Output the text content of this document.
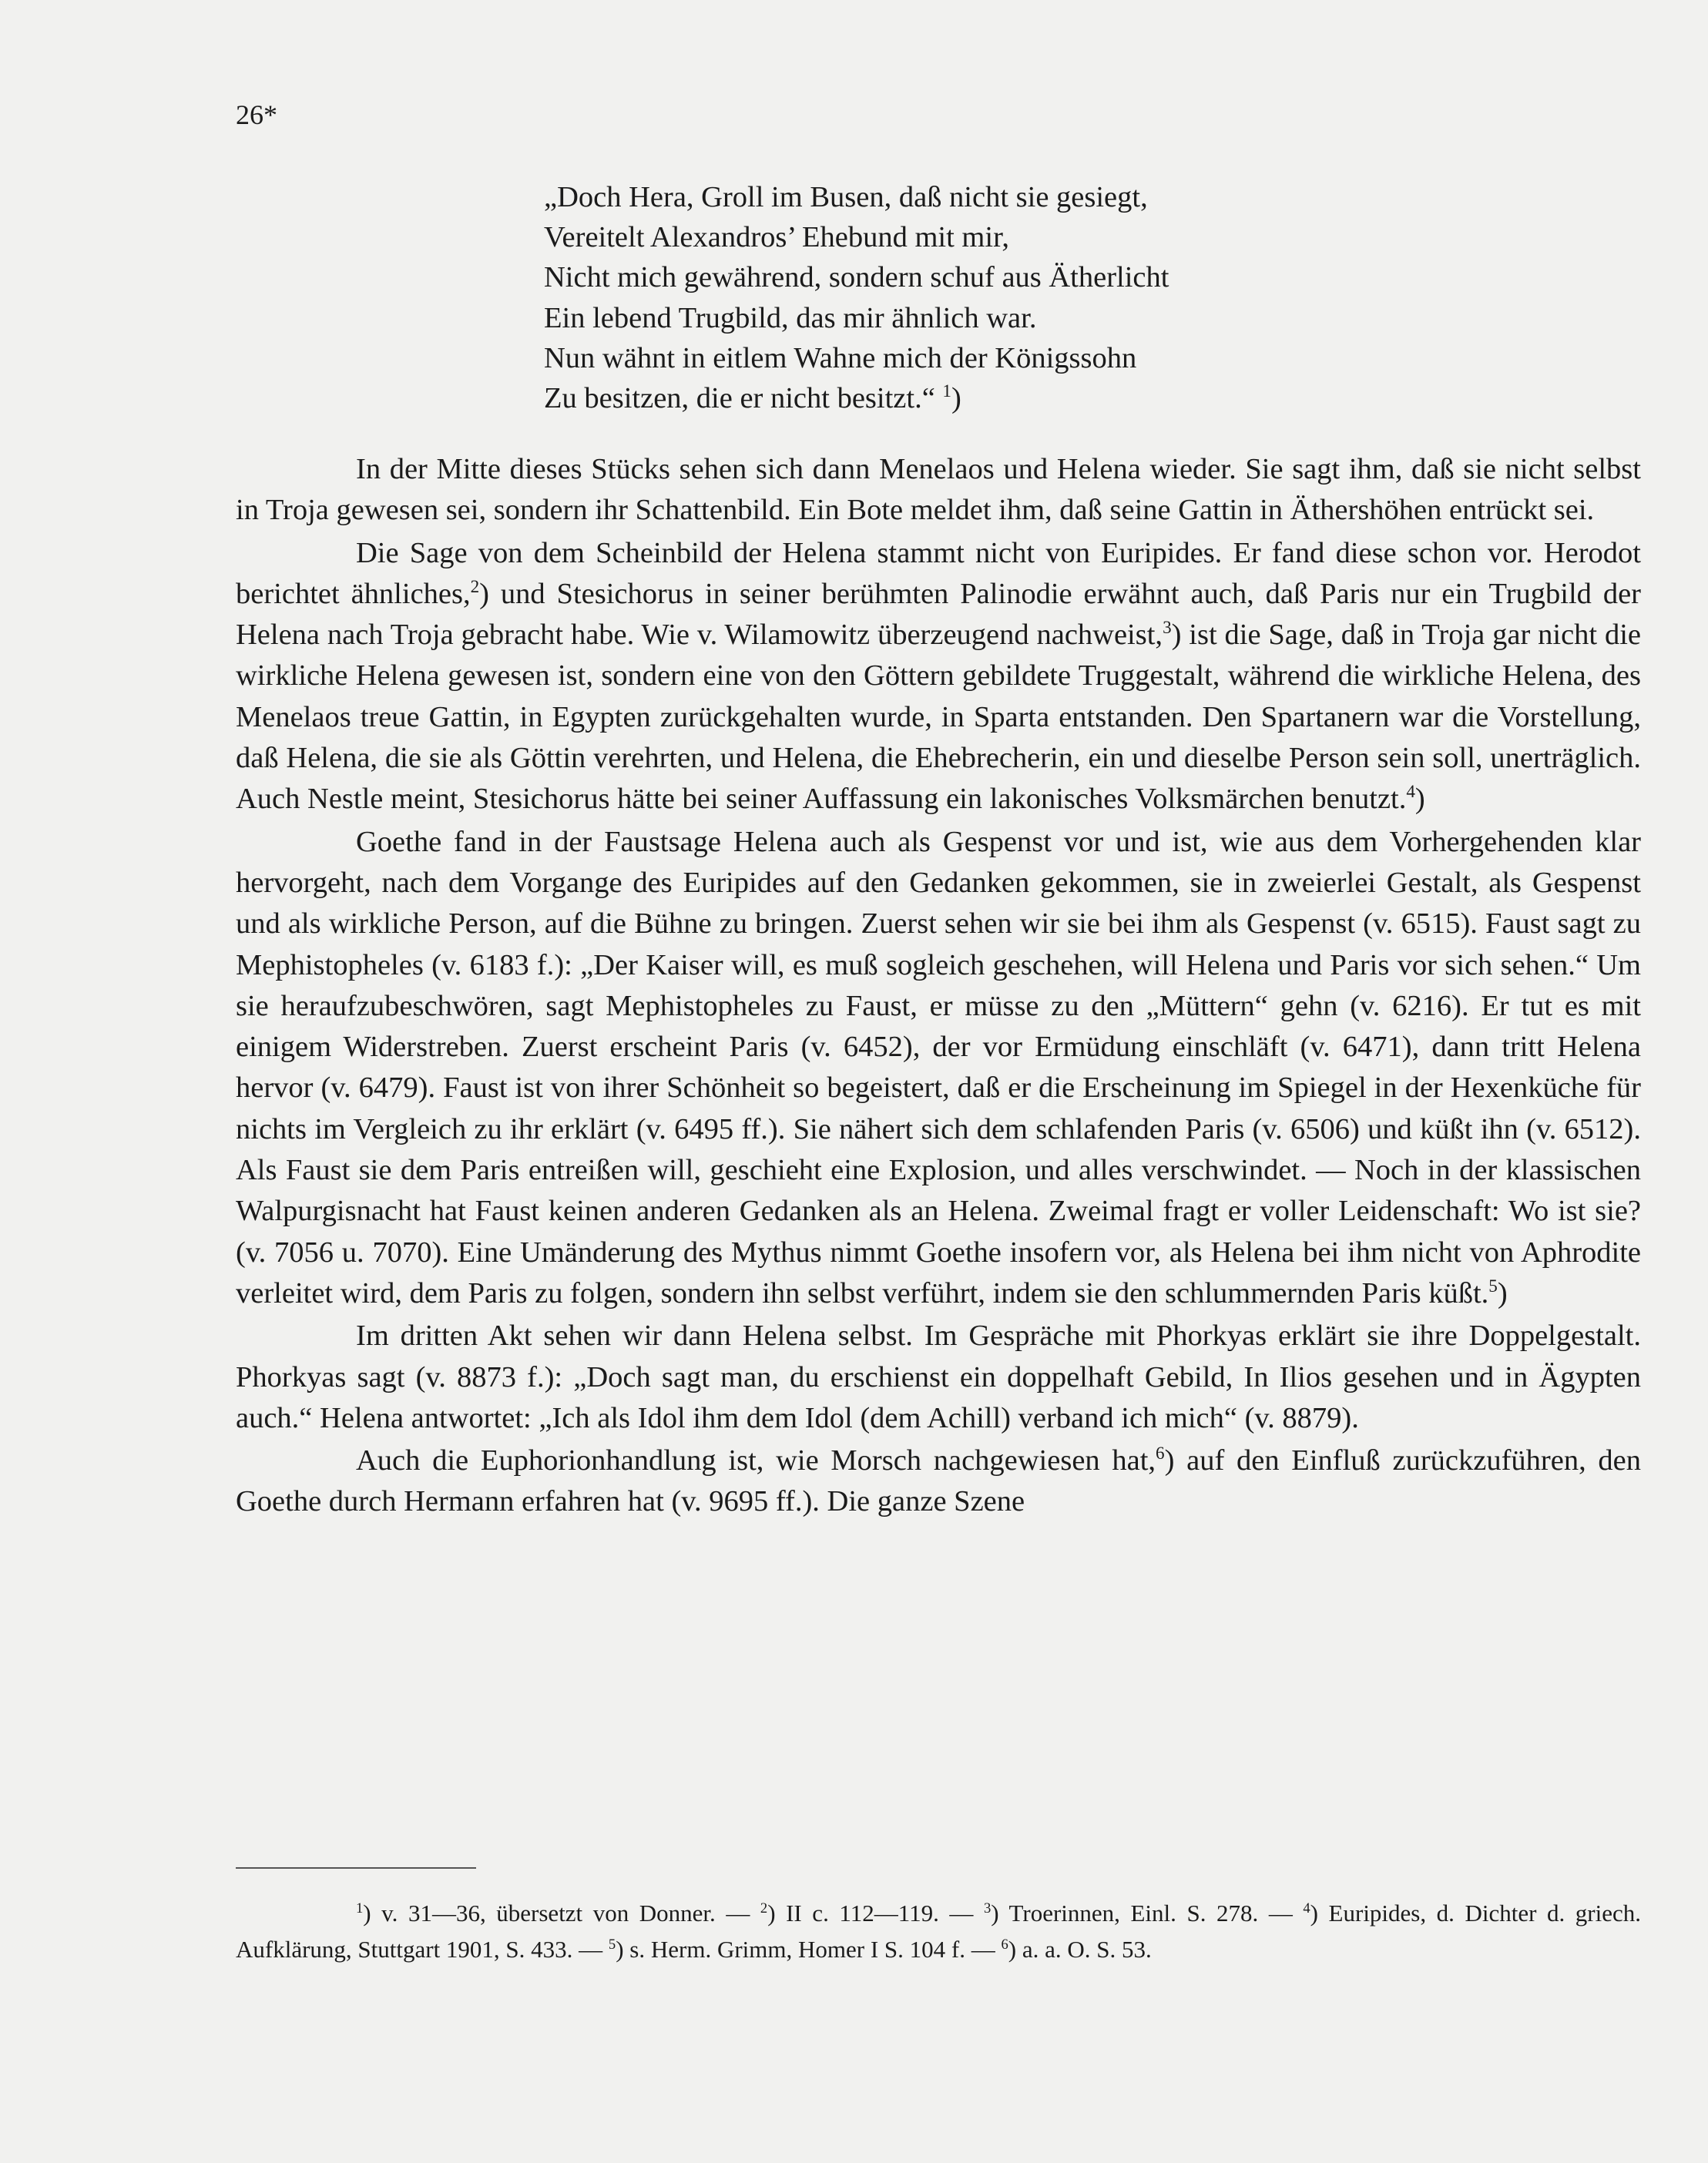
26*
„Doch Hera, Groll im Busen, daß nicht sie gesiegt,
Vereitelt Alexandros’ Ehebund mit mir,
Nicht mich gewährend, sondern schuf aus Ätherlicht
Ein lebend Trugbild, das mir ähnlich war.
Nun wähnt in eitlem Wahne mich der Königssohn
Zu besitzen, die er nicht besitzt.“ $^1$)

In der Mitte dieses Stücks sehen sich dann Menelaos und Helena wieder. Sie sagt ihm, daß sie nicht selbst in Troja gewesen sei, sondern ihr Schattenbild. Ein Bote meldet ihm, daß seine Gattin in Äthershöhen entrückt sei.

Die Sage von dem Scheinbild der Helena stammt nicht von Euripides. Er fand diese schon vor. Herodot berichtet ähnliches,$^2$) und Stesichorus in seiner berühmten Palinodie erwähnt auch, daß Paris nur ein Trugbild der Helena nach Troja gebracht habe. Wie v. Wilamowitz überzeugend nachweist,$^3$) ist die Sage, daß in Troja gar nicht die wirkliche Helena gewesen ist, sondern eine von den Göttern gebildete Truggestalt, während die wirkliche Helena, des Menelaos treue Gattin, in Egypten zurückgehalten wurde, in Sparta entstanden. Den Spartanern war die Vorstellung, daß Helena, die sie als Göttin verehrten, und Helena, die Ehebrecherin, ein und dieselbe Person sein soll, unerträglich. Auch Nestle meint, Stesichorus hätte bei seiner Auffassung ein lakonisches Volksmärchen benutzt.$^4$)

Goethe fand in der Faustsage Helena auch als Gespenst vor und ist, wie aus dem Vorhergehenden klar hervorgeht, nach dem Vorgange des Euripides auf den Gedanken gekommen, sie in zweierlei Gestalt, als Gespenst und als wirkliche Person, auf die Bühne zu bringen. Zuerst sehen wir sie bei ihm als Gespenst (v. 6515). Faust sagt zu Mephistopheles (v. 6183 f.): „Der Kaiser will, es muß sogleich geschehen, will Helena und Paris vor sich sehen.“ Um sie heraufzubeschwören, sagt Mephistopheles zu Faust, er müsse zu den „Müttern“ gehn (v. 6216). Er tut es mit einigem Widerstreben. Zuerst erscheint Paris (v. 6452), der vor Ermüdung einschläft (v. 6471), dann tritt Helena hervor (v. 6479). Faust ist von ihrer Schönheit so begeistert, daß er die Erscheinung im Spiegel in der Hexenküche für nichts im Vergleich zu ihr erklärt (v. 6495 ff.). Sie nähert sich dem schlafenden Paris (v. 6506) und küßt ihn (v. 6512). Als Faust sie dem Paris entreißen will, geschieht eine Explosion, und alles verschwindet. — Noch in der klassischen Walpurgisnacht hat Faust keinen anderen Gedanken als an Helena. Zweimal fragt er voller Leidenschaft: Wo ist sie? (v. 7056 u. 7070). Eine Umänderung des Mythus nimmt Goethe insofern vor, als Helena bei ihm nicht von Aphrodite verleitet wird, dem Paris zu folgen, sondern ihn selbst verführt, indem sie den schlummernden Paris küßt.$^5$)

Im dritten Akt sehen wir dann Helena selbst. Im Gespräche mit Phorkyas erklärt sie ihre Doppelgestalt. Phorkyas sagt (v. 8873 f.): „Doch sagt man, du erschienst ein doppelhaft Gebild, In Ilios gesehen und in Ägypten auch.“ Helena antwortet: „Ich als Idol ihm dem Idol (dem Achill) verband ich mich“ (v. 8879).

Auch die Euphorionhandlung ist, wie Morsch nachgewiesen hat,$^6$) auf den Einfluß zurückzuführen, den Goethe durch Hermann erfahren hat (v. 9695 ff.). Die ganze Szene

$^1$) v. 31—36, übersetzt von Donner. — $^2$) II c. 112—119. — $^3$) Troerinnen, Einl. S. 278. — $^4$) Euripides, d. Dichter d. griech. Aufklärung, Stuttgart 1901, S. 433. — $^5$) s. Herm. Grimm, Homer I S. 104 f. — $^6$) a. a. O. S. 53.
